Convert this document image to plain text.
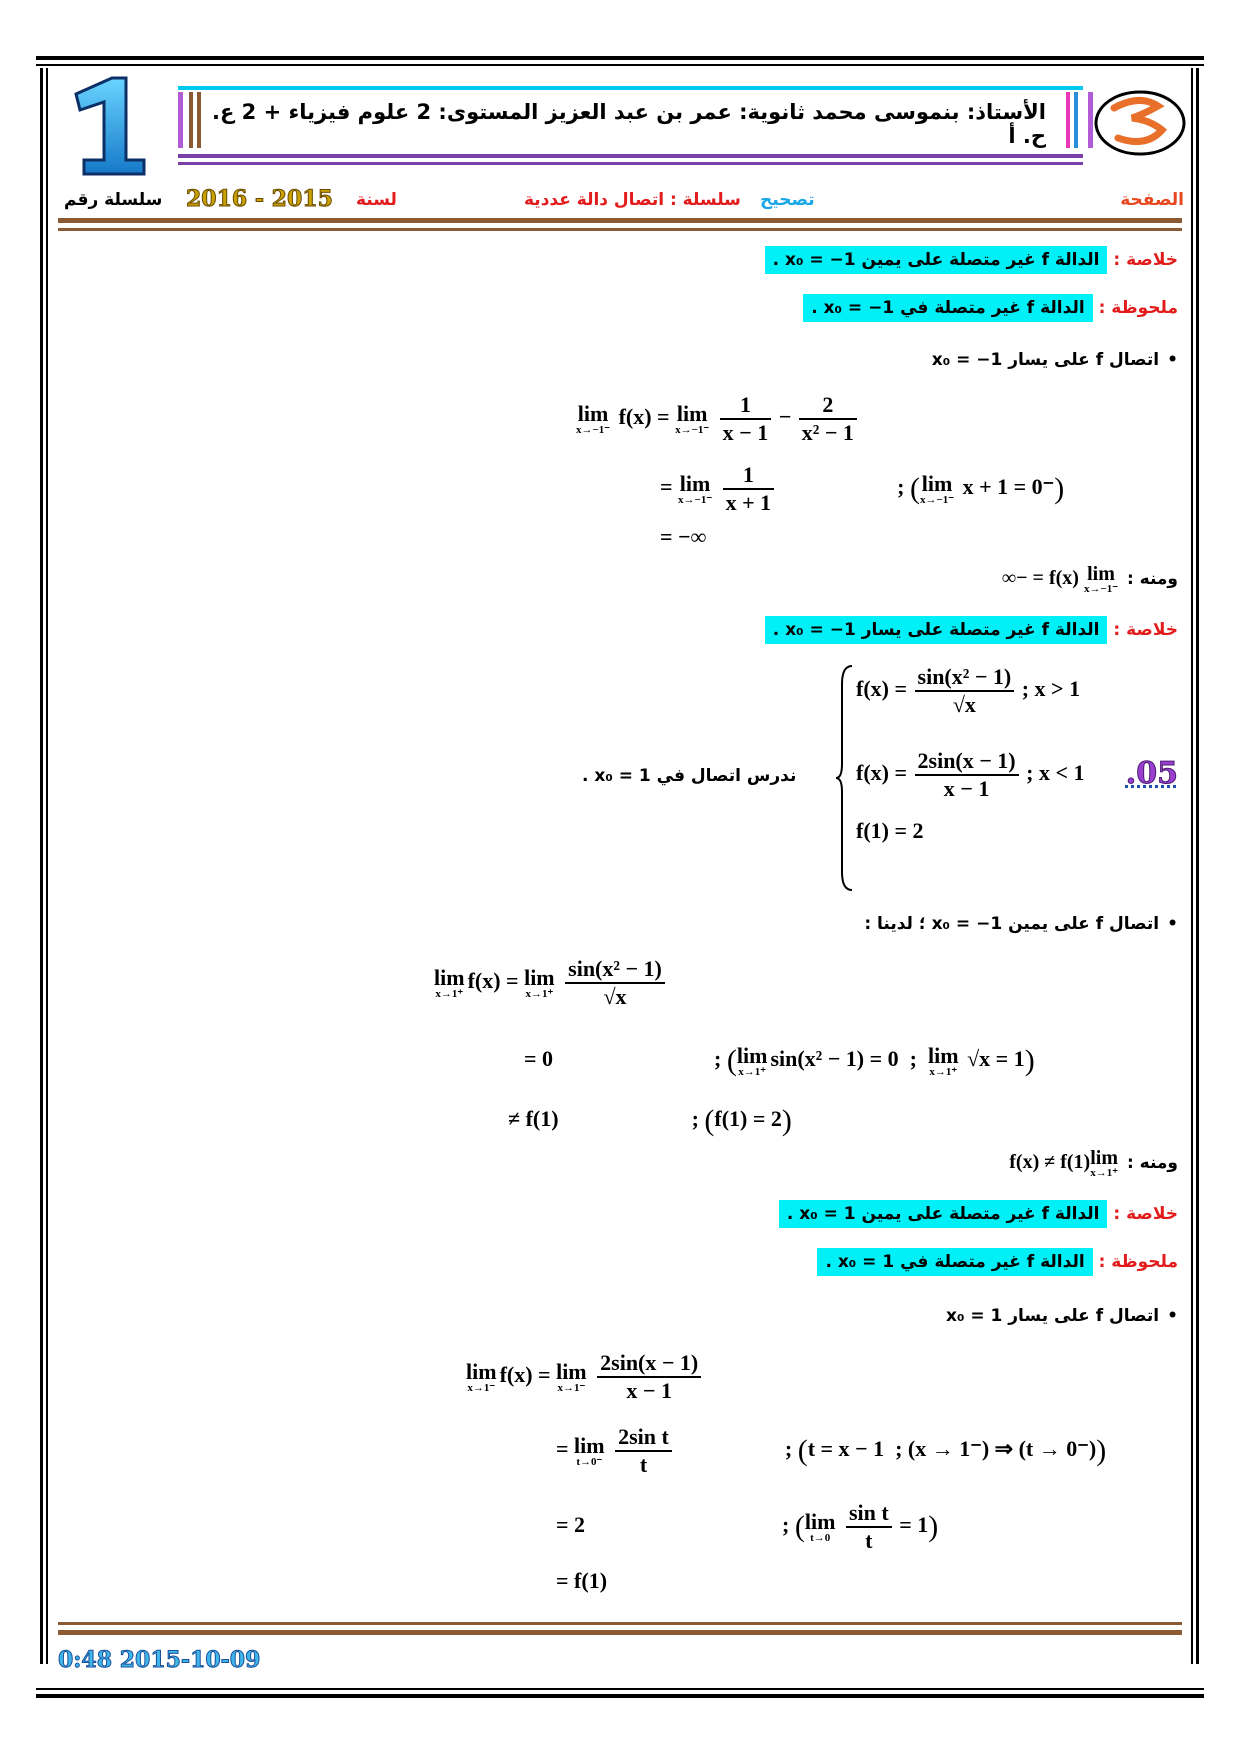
سلسلة رقم
الأستاذ: بنموسى محمد ثانوية: عمر بن عبد العزيز المستوى: 2 علوم فيزياء + 2 ع. ح. أ
الصفحة
تصحيح
سلسلة : اتصال دالة عددية
لسنة
2016 - 2015
خلاصة : الدالة f غير متصلة على يمين 1− = x₀ .
ملحوظة : الدالة f غير متصلة في 1− = x₀ .
• اتصال f على يسار 1− = x₀
lim
x→−1⁻
f(x) = lim
x→−1⁻
$\frac{1}{x - 1} - \frac{2}{\text{x² − 1}}$
= lim
x→−1⁻
$\frac{1}{x + 1}$	; (lim
x→−1⁻
x + 1 = 0⁻)
= −∞
ومنه : lim
x→−1⁻
f(x) = −∞
خلاصة : الدالة f غير متصلة على يسار 1− = x₀ .
.05
$f(x) = \frac{\text{sin(x² − 1)}}{√x}$ ; x > 1
$f(x) = \frac{2\sin(x - 1)}{x - 1}$ ; x < 1
f(1) = 2
ندرس اتصال في x₀ = 1 .
• اتصال f على يمين 1− = x₀ ؛ لدينا :
lim
x→1⁺
f(x) = lim
x→1⁺
$\frac{\text{sin(x² − 1)}}{√x}$
= 0	; (lim
x→1⁺
sin(x² − 1) = 0  ;  lim
x→1⁺
√x = 1)
≠ f(1)	; (f(1) = 2)
ومنه : lim
x→1⁺
f(x) ≠ f(1)
خلاصة : الدالة f غير متصلة على يمين x₀ = 1 .
ملحوظة : الدالة f غير متصلة في x₀ = 1 .
• اتصال f على يسار x₀ = 1
lim
x→1⁻
f(x) = lim
x→1⁻
$\frac{2\sin(x - 1)}{x - 1}$
= lim
t→0⁻
$\frac{\text{2sin t}}{t}$	; (t = x − 1  ; (x → 1⁻) ⇒ (t → 0⁻))
= 2	; (lim
t→0
$\frac{\text{sin t}}{t} = 1$)
= f(1)
0:48 2015-10-09
